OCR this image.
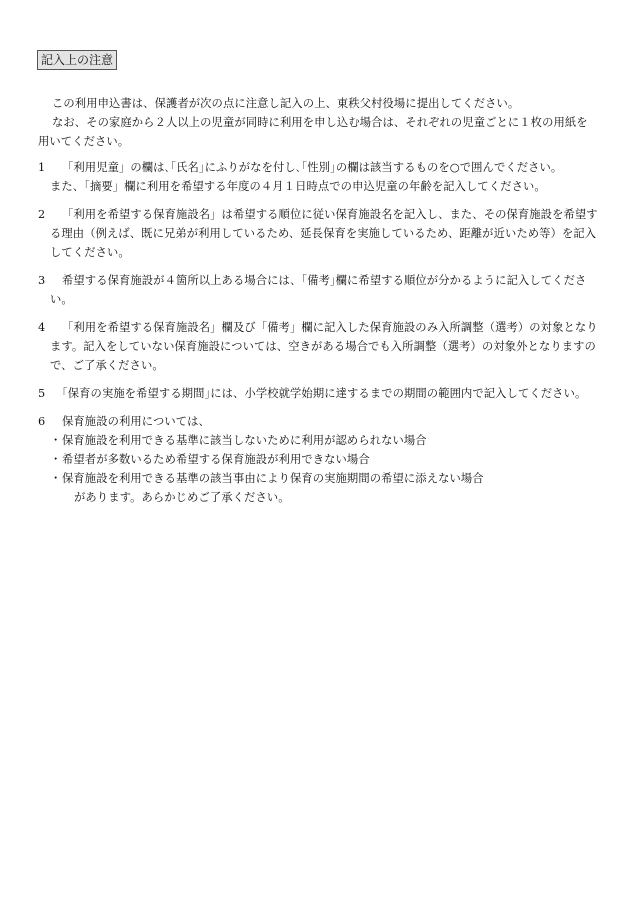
記入上の注意

この利用申込書は、保護者が次の点に注意し記入の上、東秩父村役場に提出してください。

なお、その家庭から２人以上の児童が同時に利用を申し込む場合は、それぞれの児童ごとに１枚の用紙を用いてください。

1	「利用児童」の欄は､｢氏名｣にふりがなを付し､｢性別｣の欄は該当するものを○で囲んでください。
また、「摘要」欄に利用を希望する年度の４月１日時点での申込児童の年齢を記入してください。
2	「利用を希望する保育施設名」は希望する順位に従い保育施設名を記入し、また、その保育施設を希望する理由（例えば、既に兄弟が利用しているため、延長保育を実施しているため、距離が近いため等）を記入してください。
3	希望する保育施設が４箇所以上ある場合には、｢備考｣欄に希望する順位が分かるように記入してください。
4	「利用を希望する保育施設名」欄及び「備考」欄に記入した保育施設のみ入所調整（選考）の対象となります。記入をしていない保育施設については、空きがある場合でも入所調整（選考）の対象外となりますので、ご了承ください。
5	｢保育の実施を希望する期間｣には、小学校就学始期に達するまでの期間の範囲内で記入してください。
6	保育施設の利用については、
・ 保育施設を利用できる基準に該当しないために利用が認められない場合
・ 希望者が多数いるため希望する保育施設が利用できない場合
・ 保育施設を利用できる基準の該当事由により保育の実施期間の希望に添えない場合
があります。あらかじめご了承ください。
